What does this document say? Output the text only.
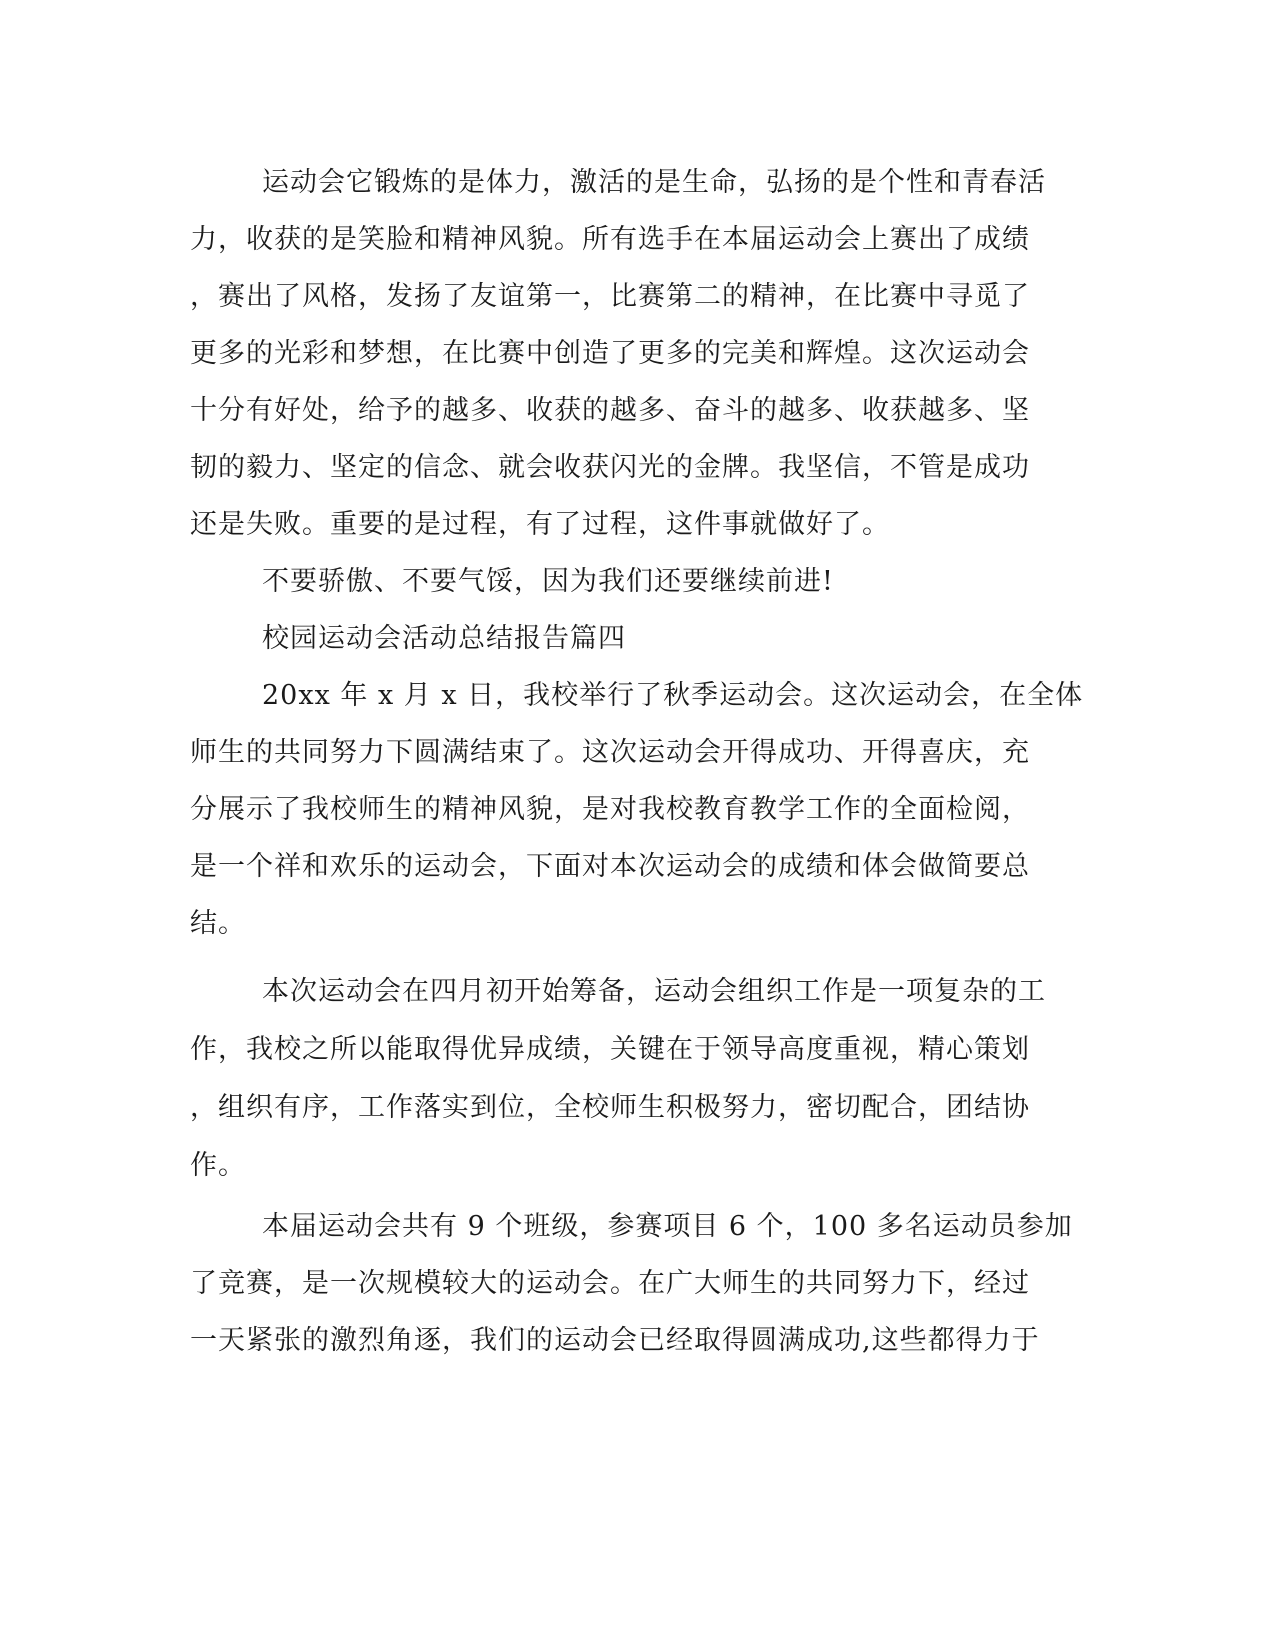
运动会它锻炼的是体力，激活的是生命，弘扬的是个性和青春活
力，收获的是笑脸和精神风貌。所有选手在本届运动会上赛出了成绩
，赛出了风格，发扬了友谊第一，比赛第二的精神，在比赛中寻觅了
更多的光彩和梦想，在比赛中创造了更多的完美和辉煌。这次运动会
十分有好处，给予的越多、收获的越多、奋斗的越多、收获越多、坚
韧的毅力、坚定的信念、就会收获闪光的金牌。我坚信，不管是成功
还是失败。重要的是过程，有了过程，这件事就做好了。
不要骄傲、不要气馁，因为我们还要继续前进!
校园运动会活动总结报告篇四
20xx 年 x 月 x 日，我校举行了秋季运动会。这次运动会，在全体
师生的共同努力下圆满结束了。这次运动会开得成功、开得喜庆，充
分展示了我校师生的精神风貌，是对我校教育教学工作的全面检阅，
是一个祥和欢乐的运动会，下面对本次运动会的成绩和体会做简要总
结。
本次运动会在四月初开始筹备，运动会组织工作是一项复杂的工
作，我校之所以能取得优异成绩，关键在于领导高度重视，精心策划
，组织有序，工作落实到位，全校师生积极努力，密切配合，团结协
作。
本届运动会共有 9 个班级，参赛项目 6 个，100 多名运动员参加
了竞赛，是一次规模较大的运动会。在广大师生的共同努力下，经过
一天紧张的激烈角逐，我们的运动会已经取得圆满成功,这些都得力于
